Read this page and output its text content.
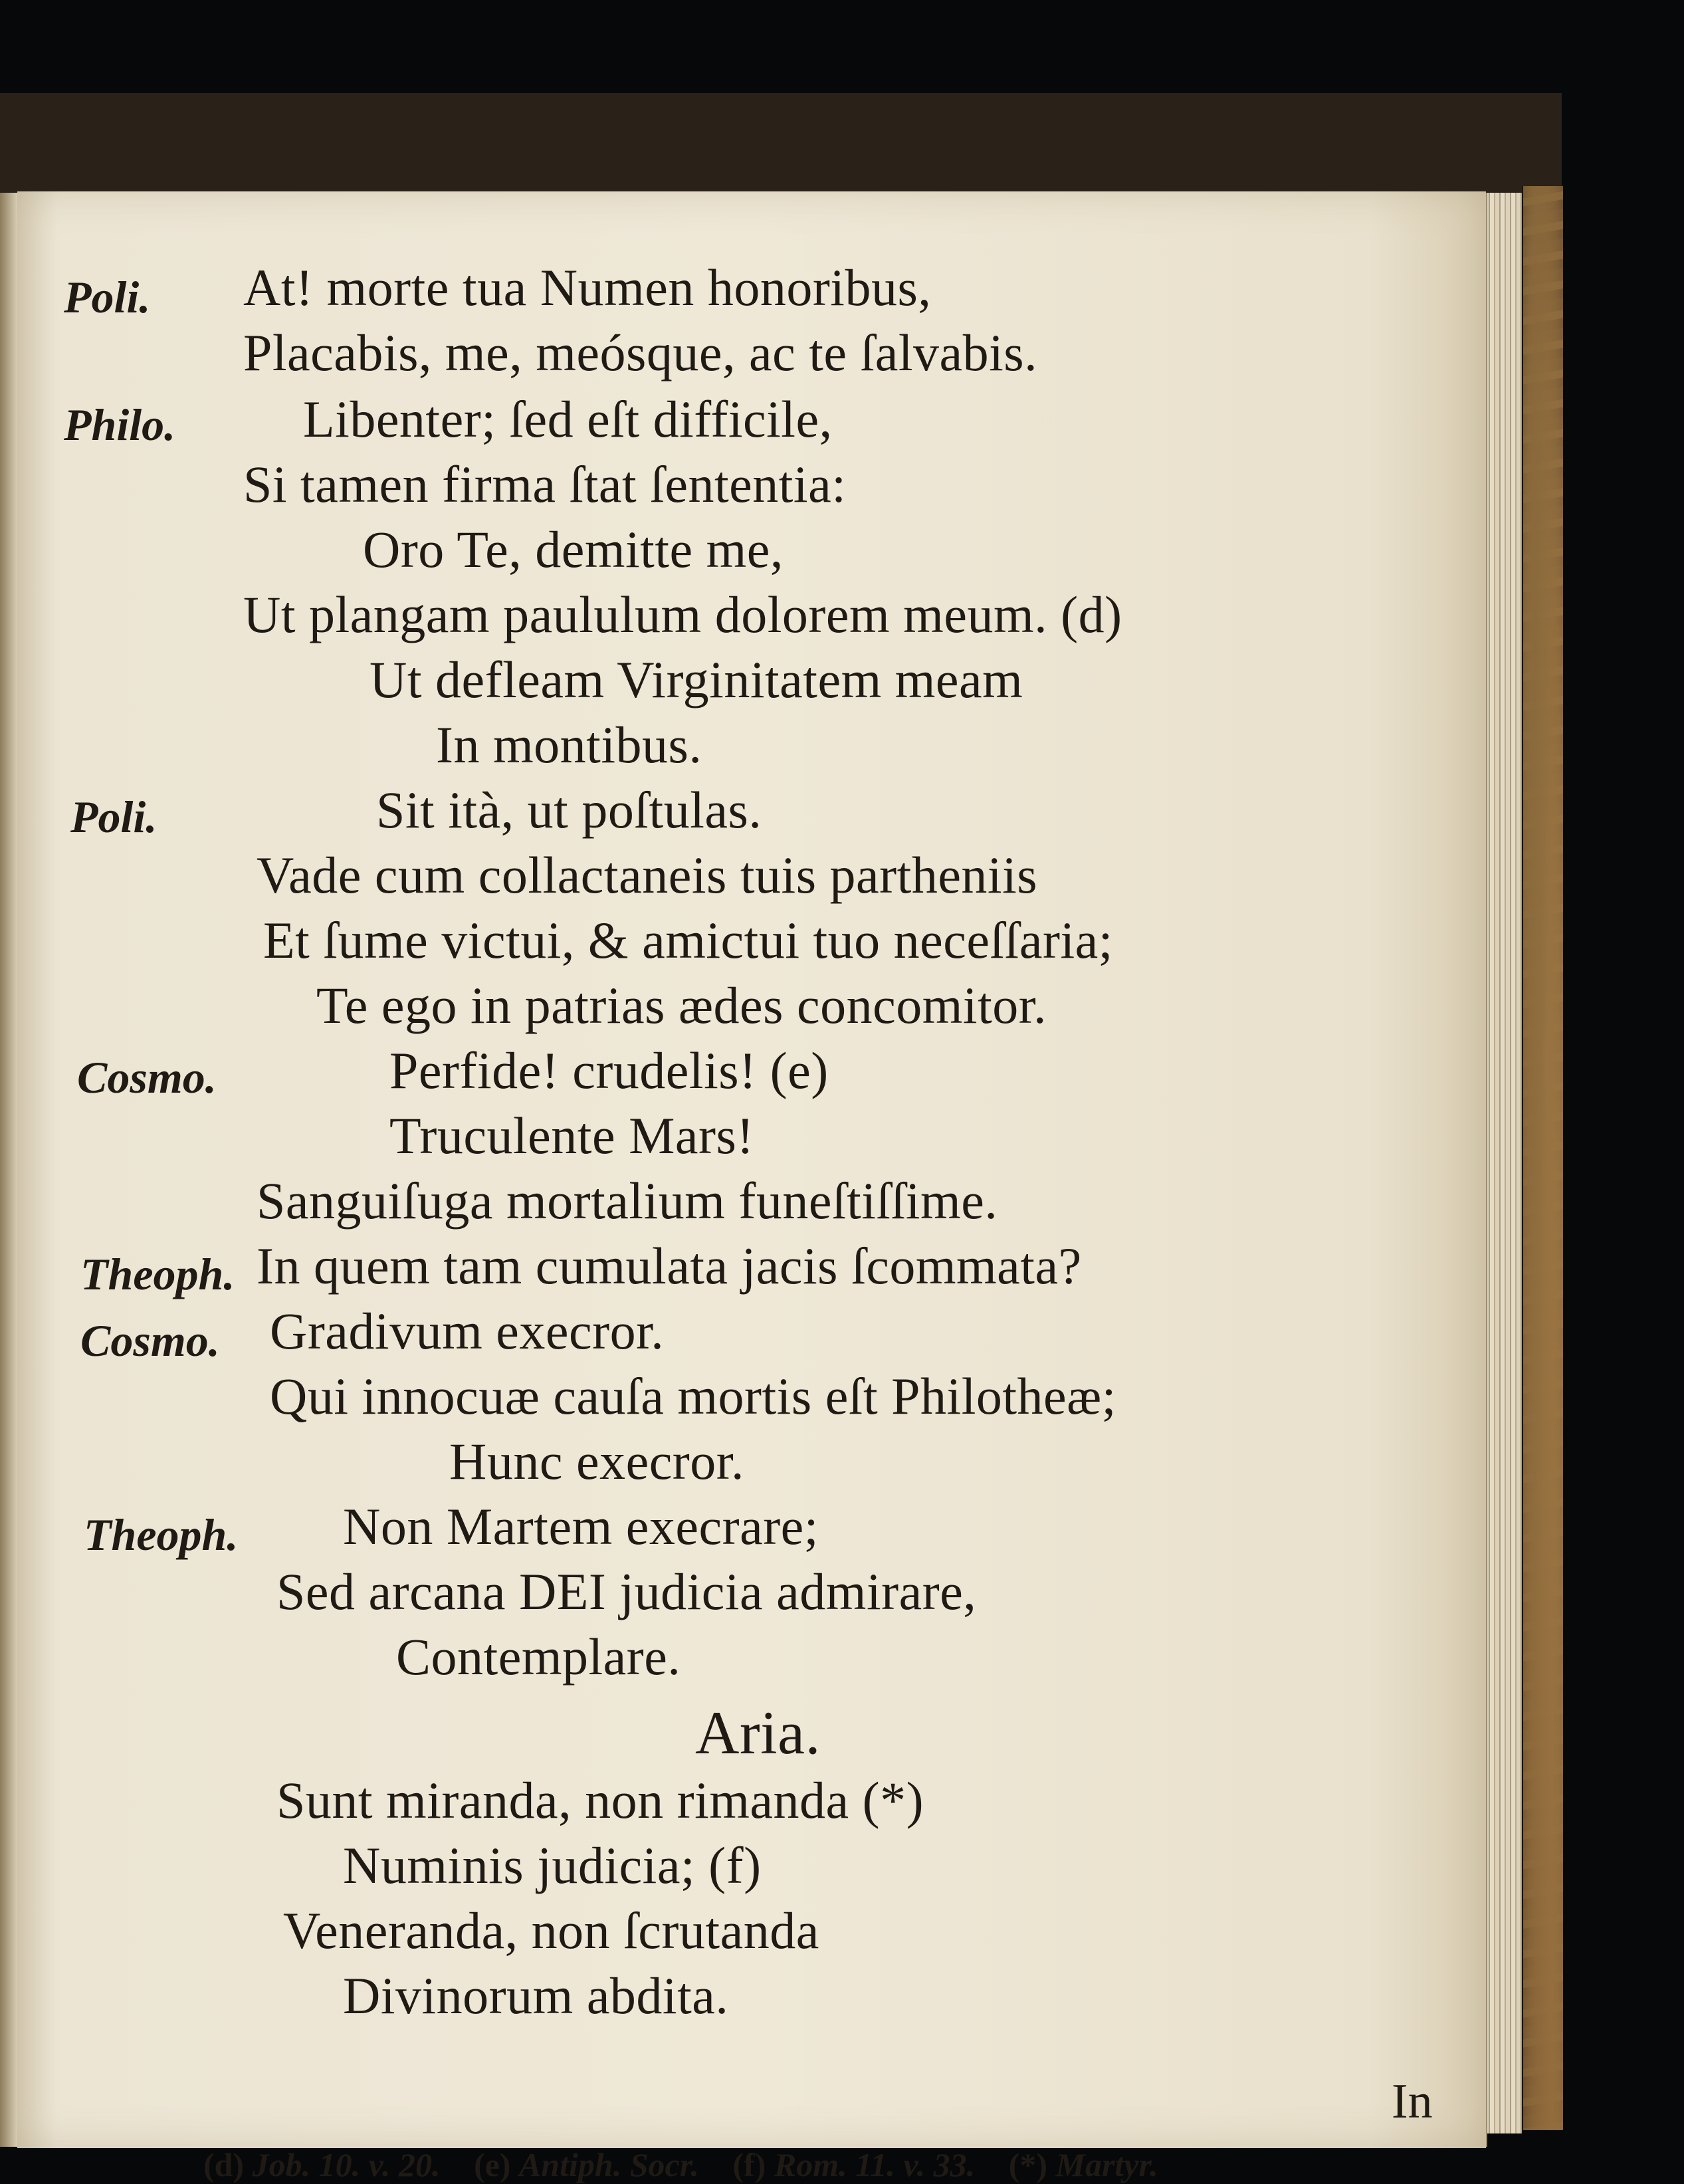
Poli. At! morte tua Numen honoribus,
Placabis, me, meósque, ac te ſalvabis.
Philo. Libenter; ſed eſt difficile,
Si tamen firma ſtat ſententia:
Oro Te, demitte me,
Ut plangam paululum dolorem meum. (d)
Ut defleam Virginitatem meam
In montibus.
Poli.	Sit ità, ut poſtulas.
Vade cum collactaneis tuis partheniis
Et ſume victui, & amictui tuo neceſſaria;
Te ego in patrias ædes concomitor.
Cosmo.	Perfide! crudelis! (e)
Truculente Mars!
Sanguiſuga mortalium funeſtiſſime.
Theoph. In quem tam cumulata jacis ſcommata?
Cosmo. Gradivum execror.
Qui innocuæ cauſa mortis eſt Philotheæ;
Hunc execror.
Theoph. Non Martem execrare;
Sed arcana DEI judicia admirare,
Contemplare.
Aria.
Sunt miranda, non rimanda (*)
Numinis judicia; (f)
Veneranda, non ſcrutanda
Divinorum abdita.
In
(d) Job. 10. v. 20. (e) Antiph. Socr. (f) Rom. 11. v. 33. (*) Martyr.
